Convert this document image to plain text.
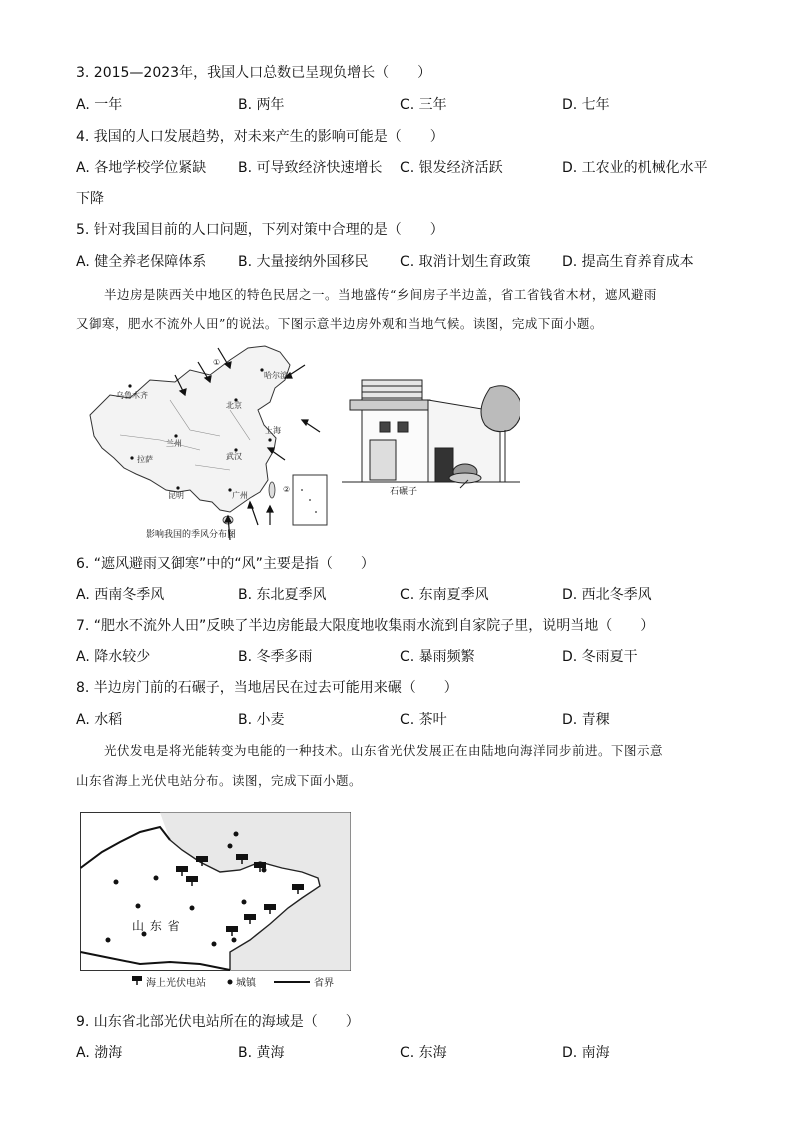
3. 2015—2023年，我国人口总数已呈现负增长（　　）
A. 一年	B. 两年	C. 三年	D. 七年
4. 我国的人口发展趋势，对未来产生的影响可能是（　　）
A. 各地学校学位紧缺 B. 可导致经济快速增长 C. 银发经济活跃	D. 工农业的机械化水平
下降
5. 针对我国目前的人口问题，下列对策中合理的是（　　）
A. 健全养老保障体系 B. 大量接纳外国移民 C. 取消计划生育政策 D. 提高生育养育成本
半边房是陕西关中地区的特色民居之一。当地盛传“乡间房子半边盖，省工省钱省木材，遮风避雨
又御寒，肥水不流外人田”的说法。下图示意半边房外观和当地气候。读图，完成下面小题。
乌鲁木齐
哈尔滨
北京
兰州
上海
武汉
拉萨
昆明	广州
①
②
影响我国的季风分布图
石碾子
6. “遮风避雨又御寒”中的“风”主要是指（　　）
A. 西南冬季风	B. 东北夏季风	C. 东南夏季风	D. 西北冬季风
7. “肥水不流外人田”反映了半边房能最大限度地收集雨水流到自家院子里，说明当地（　　）
A. 降水较少	B. 冬季多雨	C. 暴雨频繁	D. 冬雨夏干
8. 半边房门前的石碾子，当地居民在过去可能用来碾（　　）
A. 水稻	B. 小麦	C. 茶叶	D. 青稞
光伏发电是将光能转变为电能的一种技术。山东省光伏发展正在由陆地向海洋同步前进。下图示意
山东省海上光伏电站分布。读图，完成下面小题。
山 东 省
海上光伏电站	城镇	省界
9. 山东省北部光伏电站所在的海域是（　　）
A. 渤海	B. 黄海	C. 东海	D. 南海
